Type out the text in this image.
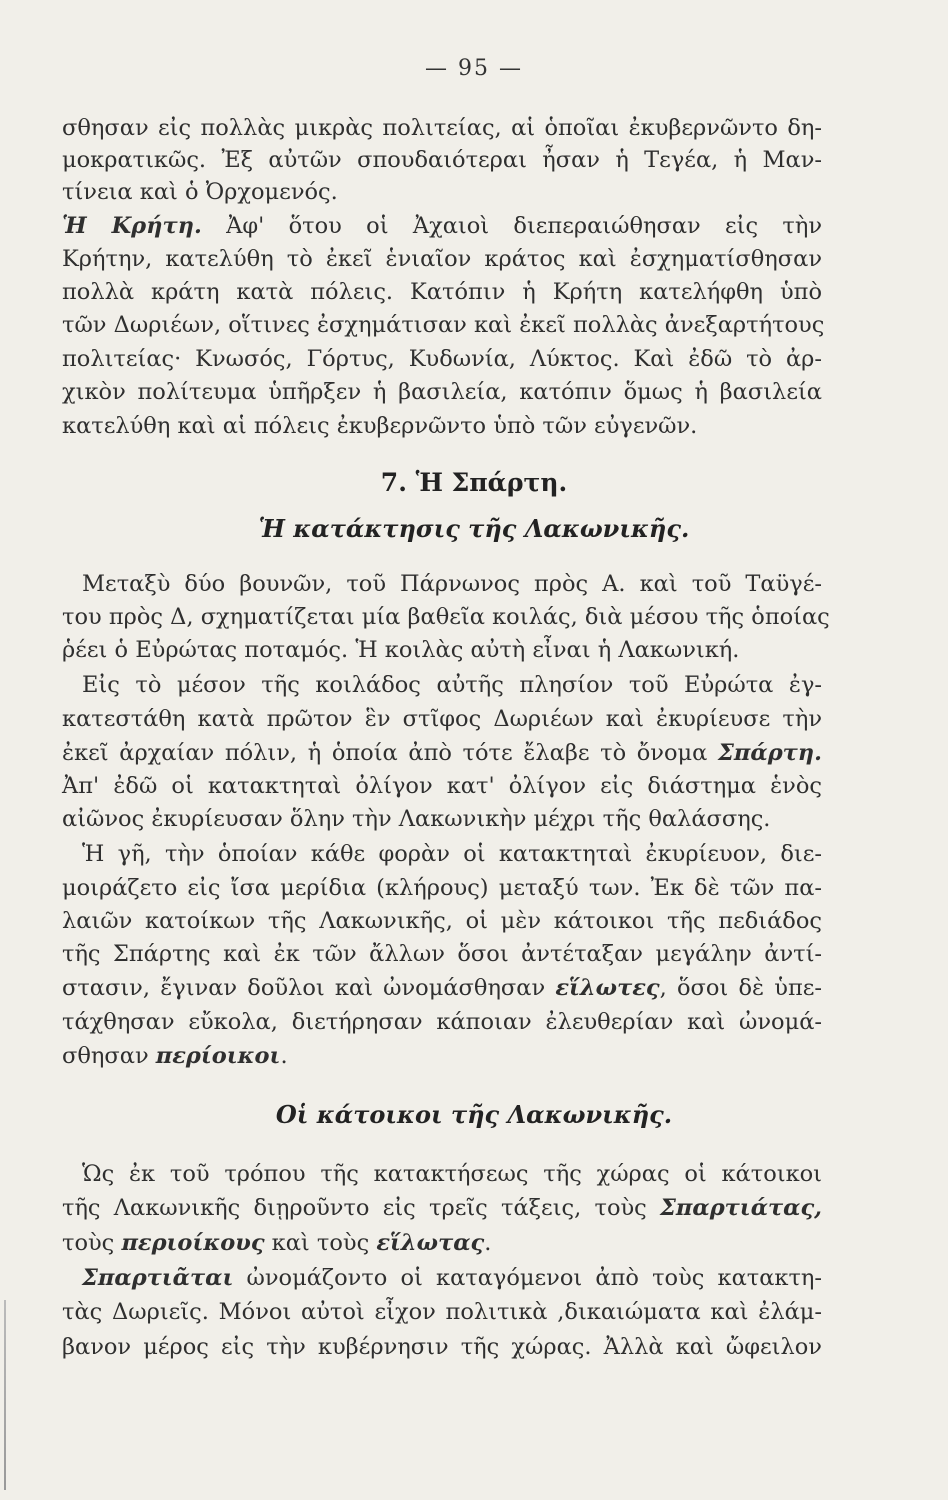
— 95 —
σθησαν εἰς πολλὰς μικρὰς πολιτείας, αἱ ὁποῖαι ἐκυβερνῶντο δη-
μοκρατικῶς. Ἐξ αὐτῶν σπουδαιότεραι ἦσαν ἡ Τεγέα, ἡ Μαν-
τίνεια καὶ ὁ Ὀρχομενός.
Ἡ Κρήτη. Ἀφ' ὅτου οἱ Ἀχαιοὶ διεπεραιώθησαν εἰς τὴν
Κρήτην, κατελύθη τὸ ἐκεῖ ἑνιαῖον κράτος καὶ ἐσχηματίσθησαν
πολλὰ κράτη κατὰ πόλεις. Κατόπιν ἡ Κρήτη κατελήφθη ὑπὸ
τῶν Δωριέων, οἵτινες ἐσχημάτισαν καὶ ἐκεῖ πολλὰς ἀνεξαρτήτους
πολιτείας· Κνωσός, Γόρτυς, Κυδωνία, Λύκτος. Καὶ ἐδῶ τὸ ἀρ-
χικὸν πολίτευμα ὑπῆρξεν ἡ βασιλεία, κατόπιν ὅμως ἡ βασιλεία
κατελύθη καὶ αἱ πόλεις ἐκυβερνῶντο ὑπὸ τῶν εὐγενῶν.
7. Ἡ Σπάρτη.
Ἡ κατάκτησις τῆς Λακωνικῆς.
Μεταξὺ δύο βουνῶν, τοῦ Πάρνωνος πρὸς Α. καὶ τοῦ Ταϋγέ-
του πρὸς Δ, σχηματίζεται μία βαθεῖα κοιλάς, διὰ μέσου τῆς ὁποίας
ῥέει ὁ Εὐρώτας ποταμός. Ἡ κοιλὰς αὐτὴ εἶναι ἡ Λακωνική.
Εἰς τὸ μέσον τῆς κοιλάδος αὐτῆς πλησίον τοῦ Εὐρώτα ἐγ-
κατεστάθη κατὰ πρῶτον ἓν στῖφος Δωριέων καὶ ἐκυρίευσε τὴν
ἐκεῖ ἀρχαίαν πόλιν, ἡ ὁποία ἀπὸ τότε ἔλαβε τὸ ὄνομα Σπάρτη.
Ἀπ' ἐδῶ οἱ κατακτηταὶ ὀλίγον κατ' ὀλίγον εἰς διάστημα ἑνὸς
αἰῶνος ἐκυρίευσαν ὅλην τὴν Λακωνικὴν μέχρι τῆς θαλάσσης.
Ἡ γῆ, τὴν ὁποίαν κάθε φορὰν οἱ κατακτηταὶ ἐκυρίευον, διε-
μοιράζετο εἰς ἴσα μερίδια (κλήρους) μεταξύ των. Ἐκ δὲ τῶν πα-
λαιῶν κατοίκων τῆς Λακωνικῆς, οἱ μὲν κάτοικοι τῆς πεδιάδος
τῆς Σπάρτης καὶ ἐκ τῶν ἄλλων ὅσοι ἀντέταξαν μεγάλην ἀντί-
στασιν, ἔγιναν δοῦλοι καὶ ὠνομάσθησαν εἵλωτες, ὅσοι δὲ ὑπε-
τάχθησαν εὔκολα, διετήρησαν κάποιαν ἐλευθερίαν καὶ ὠνομά-
σθησαν περίοικοι.
Οἱ κάτοικοι τῆς Λακωνικῆς.
Ὡς ἐκ τοῦ τρόπου τῆς κατακτήσεως τῆς χώρας οἱ κάτοικοι
τῆς Λακωνικῆς διῃροῦντο εἰς τρεῖς τάξεις, τοὺς Σπαρτιάτας,
τοὺς περιοίκους καὶ τοὺς εἵλωτας.
Σπαρτιᾶται ὠνομάζοντο οἱ καταγόμενοι ἀπὸ τοὺς κατακτη-
τὰς Δωριεῖς. Μόνοι αὐτοὶ εἶχον πολιτικὰ ,δικαιώματα καὶ ἐλάμ-
βανον μέρος εἰς τὴν κυβέρνησιν τῆς χώρας. Ἀλλὰ καὶ ὤφειλον
